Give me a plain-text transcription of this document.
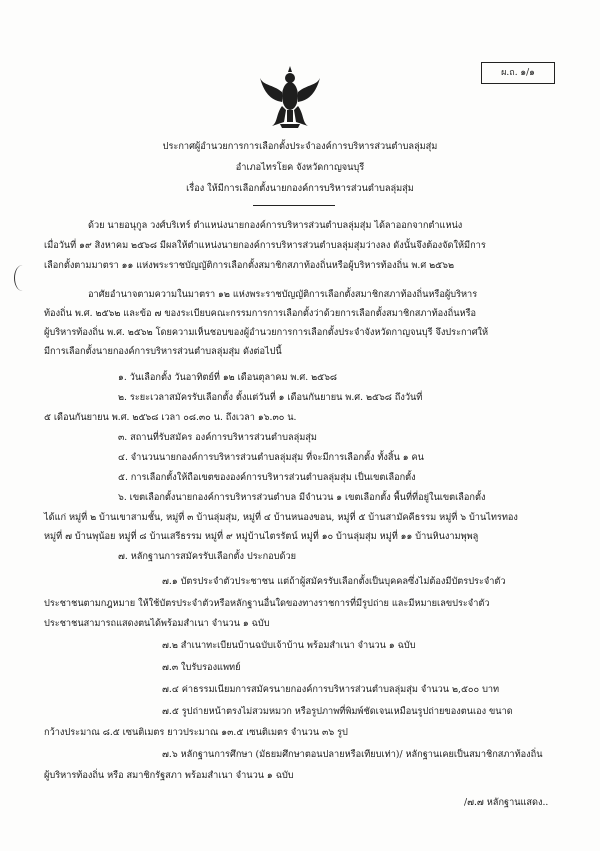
ผ.ถ. ๑/๑
ประกาศผู้อำนวยการการเลือกตั้งประจำองค์การบริหารส่วนตำบลลุ่มสุ่ม
อำเภอไทรโยค จังหวัดกาญจนบุรี
เรื่อง ให้มีการเลือกตั้งนายกองค์การบริหารส่วนตำบลลุ่มสุ่ม
ด้วย นายอนุกูล วงศ์บริเทร์ ตำแหน่งนายกองค์การบริหารส่วนตำบลลุ่มสุ่ม ได้ลาออกจากตำแหน่ง
เมื่อวันที่ ๑๙ สิงหาคม ๒๕๖๘ มีผลให้ตำแหน่งนายกองค์การบริหารส่วนตำบลลุ่มสุ่มว่างลง ดังนั้นจึงต้องจัดให้มีการ
เลือกตั้งตามมาตรา ๑๑ แห่งพระราชบัญญัติการเลือกตั้งสมาชิกสภาท้องถิ่นหรือผู้บริหารท้องถิ่น พ.ศ ๒๕๖๒
อาศัยอำนาจตามความในมาตรา ๑๒ แห่งพระราชบัญญัติการเลือกตั้งสมาชิกสภาท้องถิ่นหรือผู้บริหาร
ท้องถิ่น พ.ศ. ๒๕๖๒ และข้อ ๗ ของระเบียบคณะกรรมการการเลือกตั้งว่าด้วยการเลือกตั้งสมาชิกสภาท้องถิ่นหรือ
ผู้บริหารท้องถิ่น พ.ศ. ๒๕๖๒ โดยความเห็นชอบของผู้อำนวยการการเลือกตั้งประจำจังหวัดกาญจนบุรี จึงประกาศให้
มีการเลือกตั้งนายกองค์การบริหารส่วนตำบลลุ่มสุ่ม ดังต่อไปนี้
๑. วันเลือกตั้ง วันอาทิตย์ที่ ๑๒ เดือนตุลาคม พ.ศ. ๒๕๖๘
๒. ระยะเวลาสมัครรับเลือกตั้ง ตั้งแต่วันที่ ๑ เดือนกันยายน พ.ศ. ๒๕๖๘ ถึงวันที่
๕ เดือนกันยายน พ.ศ. ๒๕๖๘ เวลา ๐๘.๓๐ น. ถึงเวลา ๑๖.๓๐ น.
๓. สถานที่รับสมัคร องค์การบริหารส่วนตำบลลุ่มสุ่ม
๔. จำนวนนายกองค์การบริหารส่วนตำบลลุ่มสุ่ม ที่จะมีการเลือกตั้ง ทั้งสิ้น ๑ คน
๕. การเลือกตั้งให้ถือเขตขององค์การบริหารส่วนตำบลลุ่มสุ่ม เป็นเขตเลือกตั้ง
๖. เขตเลือกตั้งนายกองค์การบริหารส่วนตำบล มีจำนวน ๑ เขตเลือกตั้ง พื้นที่ที่อยู่ในเขตเลือกตั้ง
ได้แก่ หมู่ที่ ๒ บ้านเขาสามชั้น, หมู่ที่ ๓ บ้านลุ่มสุ่ม, หมู่ที่ ๔ บ้านหนองขอน, หมู่ที่ ๕ บ้านสามัคคีธรรม หมู่ที่ ๖ บ้านไทรทอง
หมู่ที่ ๗ บ้านพุน้อย หมู่ที่ ๘ บ้านเสรีธรรม หมู่ที่ ๙ หมู่บ้านไตรรัตน์ หมู่ที่ ๑๐ บ้านลุ่มสุ่ม หมู่ที่ ๑๑ บ้านหินงามพุพลู
๗. หลักฐานการสมัครรับเลือกตั้ง ประกอบด้วย
๗.๑ บัตรประจำตัวประชาชน แต่ถ้าผู้สมัครรับเลือกตั้งเป็นบุคคลซึ่งไม่ต้องมีบัตรประจำตัว
ประชาชนตามกฎหมาย ให้ใช้บัตรประจำตัวหรือหลักฐานอื่นใดของทางราชการที่มีรูปถ่าย และมีหมายเลขประจำตัว
ประชาชนสามารถแสดงตนได้พร้อมสำเนา จำนวน ๑ ฉบับ
๗.๒ สำเนาทะเบียนบ้านฉบับเจ้าบ้าน พร้อมสำเนา จำนวน ๑ ฉบับ
๗.๓ ใบรับรองแพทย์
๗.๔ ค่าธรรมเนียมการสมัครนายกองค์การบริหารส่วนตำบลลุ่มสุ่ม จำนวน ๒,๕๐๐ บาท
๗.๕ รูปถ่ายหน้าตรงไม่สวมหมวก หรือรูปภาพที่พิมพ์ชัดเจนเหมือนรูปถ่ายของตนเอง ขนาด
กว้างประมาณ ๘.๕ เซนติเมตร ยาวประมาณ ๑๓.๕ เซนติเมตร จำนวน ๓๖ รูป
๗.๖ หลักฐานการศึกษา (มัธยมศึกษาตอนปลายหรือเทียบเท่า)/ หลักฐานเคยเป็นสมาชิกสภาท้องถิ่น
ผู้บริหารท้องถิ่น หรือ สมาชิกรัฐสภา พร้อมสำเนา จำนวน ๑ ฉบับ
/๗.๗ หลักฐานแสดง..
